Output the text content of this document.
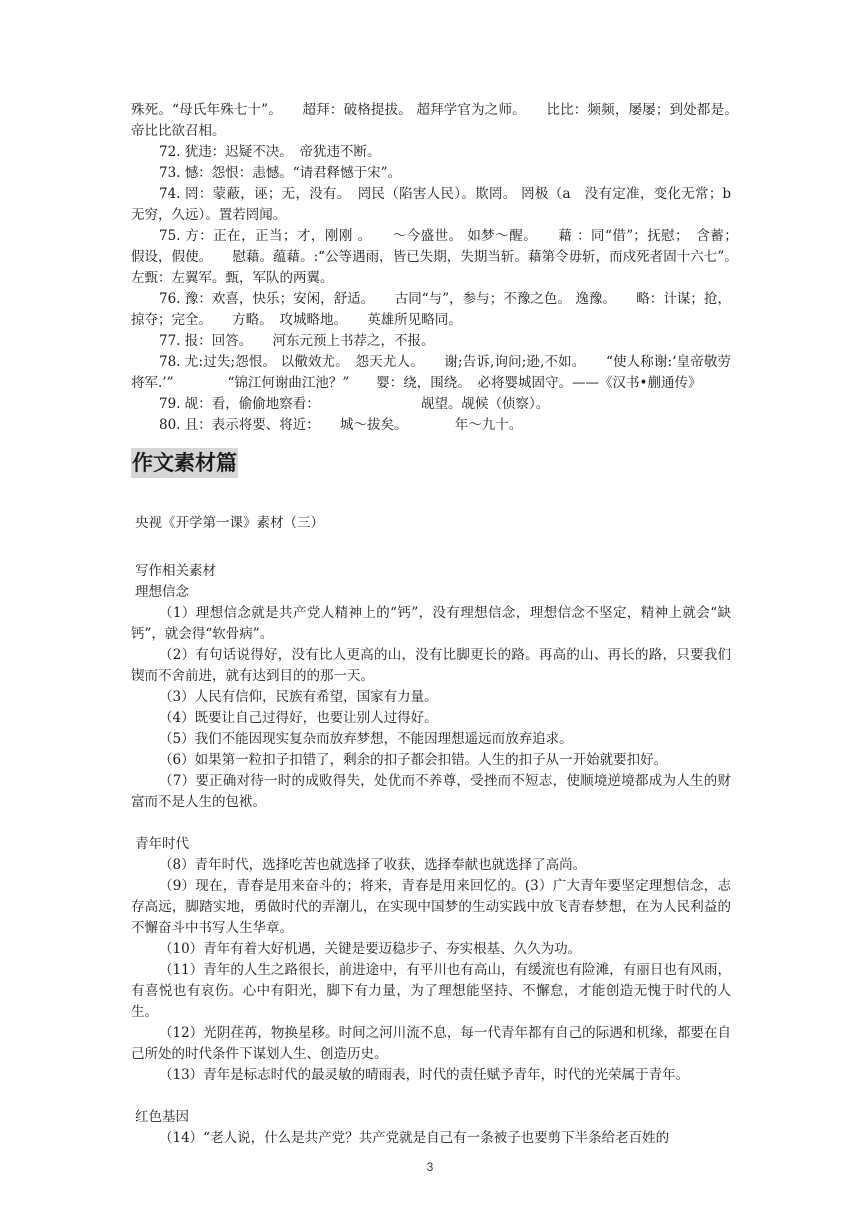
殊死。“母氏年殊七十”。　　超拜：破格提拔。 超拜学官为之师。　　比比：频频，屡屡；到处都是。　　帝比比欲召相。

72. 犹违：迟疑不决。　帝犹违不断。

73. 憾：怨恨：恚憾。“请君释憾于宋”。

74. 罔：蒙蔽，诬；无，没有。　罔民（陷害人民）。欺罔。 罔极（a　没有定准，变化无常；b　无穷，久远）。置若罔闻。

75. 方：正在，正当；才，刚刚 。　　～今盛世。 如梦～醒。　　藉 ：同“借”；抚慰；　含蓄；　假设，假使。　　慰藉。蕴藉。:“公等遇雨，皆已失期，失期当斩。藉第令毋斩，而戍死者固十六七”。　　左甄：左翼军。甄，军队的两翼。

76. 豫：欢喜，快乐；安闲，舒适。　　古同“与”，参与；不豫之色。 逸豫。　　略：计谋；抢，掠夺；完全。　　方略。　攻城略地。　　英雄所见略同。

77. 报：回答。　　河东元预上书荐之，不报。

78. 尤:过失;怨恨。 以儆效尤。　怨天尤人。　　谢;告诉,询问;逊,不如。　　“使人称谢:‘皇帝敬劳将军.’”　　　　“锦江何谢曲江池？”　　婴：绕，围绕。　必将婴城固守。——《汉书•蒯通传》

79. 觇：看，偷偷地察看：　　　　　　　　觇望。觇候（侦察）。

80. 且：表示将要、将近：　　城～拔矣。　　　　年～九十。

作文素材篇

央视《开学第一课》素材（三）

写作相关素材

理想信念

（1）理想信念就是共产党人精神上的“钙”，没有理想信念，理想信念不坚定，精神上就会“缺钙”，就会得“软骨病”。

（2）有句话说得好，没有比人更高的山，没有比脚更长的路。再高的山、再长的路，只要我们锲而不舍前进，就有达到目的的那一天。

（3）人民有信仰，民族有希望，国家有力量。

（4）既要让自己过得好，也要让别人过得好。

（5）我们不能因现实复杂而放弃梦想，不能因理想遥远而放弃追求。

（6）如果第一粒扣子扣错了，剩余的扣子都会扣错。人生的扣子从一开始就要扣好。

（7）要正确对待一时的成败得失，处优而不养尊，受挫而不短志，使顺境逆境都成为人生的财富而不是人生的包袱。

青年时代

（8）青年时代，选择吃苦也就选择了收获，选择奉献也就选择了高尚。

（9）现在，青春是用来奋斗的；将来，青春是用来回忆的。(3）广大青年要坚定理想信念，志存高远，脚踏实地，勇做时代的弄潮儿，在实现中国梦的生动实践中放飞青春梦想，在为人民利益的不懈奋斗中书写人生华章。

（10）青年有着大好机遇，关键是要迈稳步子、夯实根基、久久为功。

（11）青年的人生之路很长，前进途中，有平川也有高山，有缓流也有险滩，有丽日也有风雨，有喜悦也有哀伤。心中有阳光，脚下有力量，为了理想能坚持、不懈怠，才能创造无愧于时代的人生。

（12）光阴荏苒，物换星移。时间之河川流不息，每一代青年都有自己的际遇和机缘，都要在自己所处的时代条件下谋划人生、创造历史。

（13）青年是标志时代的最灵敏的晴雨表，时代的责任赋予青年，时代的光荣属于青年。

红色基因

（14）“老人说，什么是共产党？共产党就是自己有一条被子也要剪下半条给老百姓的

3
